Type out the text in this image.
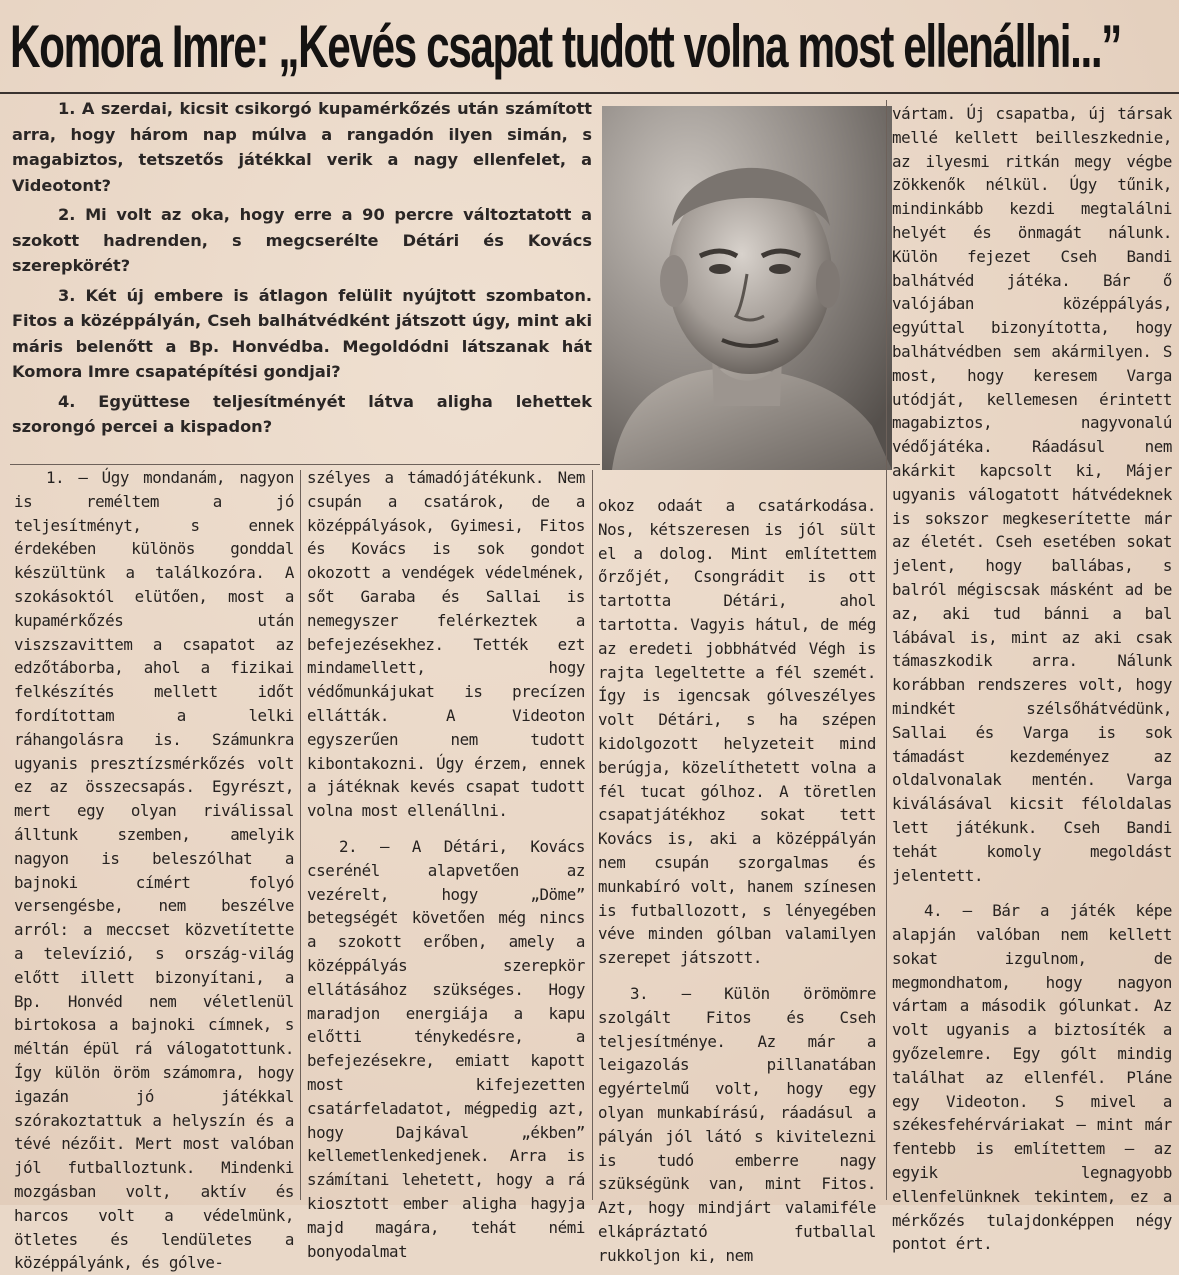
Komora Imre: „Kevés csapat tudott volna most ellenállni...”

1. A szerdai, kicsit csikorgó kupamérkőzés után számított arra, hogy három nap múlva a rangadón ilyen simán, s magabiztos, tetszetős játékkal verik a nagy ellenfelet, a Videotont?

2. Mi volt az oka, hogy erre a 90 percre változtatott a szokott hadrenden, s megcserélte Détári és Kovács szerepkörét?

3. Két új embere is átlagon felülit nyújtott szombaton. Fitos a középpályán, Cseh balhátvédként játszott úgy, mint aki máris belenőtt a Bp. Honvédba. Megoldódni látszanak hát Komora Imre csapatépítési gondjai?

4. Együttese teljesítményét látva aligha lehettek szorongó percei a kispadon?

1. — Úgy mondanám, nagyon is reméltem a jó teljesítményt, s ennek érdekében különös gonddal készültünk a találkozóra. A szokásoktól elütően, most a kupamérkőzés után viszszavittem a csapatot az edzőtáborba, ahol a fizikai felkészítés mellett időt fordítottam a lelki ráhangolásra is. Számunkra ugyanis presztízsmérkőzés volt ez az összecsapás. Egyrészt, mert egy olyan riválissal álltunk szemben, amelyik nagyon is beleszólhat a bajnoki címért folyó versengésbe, nem beszélve arról: a meccset közvetítette a televízió, s ország-világ előtt illett bizonyítani, a Bp. Honvéd nem véletlenül birtokosa a bajnoki címnek, s méltán épül rá válogatottunk. Így külön öröm számomra, hogy igazán jó játékkal szórakoztattuk a helyszín és a tévé nézőit. Mert most valóban jól futballoztunk. Mindenki mozgásban volt, aktív és harcos volt a védelmünk, ötletes és lendületes a középpályánk, és gólve-

szélyes a támadójátékunk. Nem csupán a csatárok, de a középpályások, Gyimesi, Fitos és Kovács is sok gondot okozott a vendégek védelmének, sőt Garaba és Sallai is nemegyszer felérkeztek a befejezésekhez. Tették ezt mindamellett, hogy védőmunkájukat is precízen ellátták. A Videoton egyszerűen nem tudott kibontakozni. Úgy érzem, ennek a játéknak kevés csapat tudott volna most ellenállni.

2. — A Détári, Kovács cserénél alapvetően az vezérelt, hogy „Döme” betegségét követően még nincs a szokott erőben, amely a középpályás szerepkör ellátásához szükséges. Hogy maradjon energiája a kapu előtti ténykedésre, a befejezésekre, emiatt kapott most kifejezetten csatárfeladatot, mégpedig azt, hogy Dajkával „ékben” kellemetlenkedjenek. Arra is számítani lehetett, hogy a rá kiosztott ember aligha hagyja majd magára, tehát némi bonyodalmat

okoz odaát a csatárkodása. Nos, kétszeresen is jól sült el a dolog. Mint említettem őrzőjét, Csongrádit is ott tartotta Détári, ahol tartotta. Vagyis hátul, de még az eredeti jobbhátvéd Végh is rajta legeltette a fél szemét. Így is igencsak gólveszélyes volt Détári, s ha szépen kidolgozott helyzeteit mind berúgja, közelíthetett volna a fél tucat gólhoz. A töretlen csapatjátékhoz sokat tett Kovács is, aki a középpályán nem csupán szorgalmas és munkabíró volt, hanem színesen is futballozott, s lényegében véve minden gólban valamilyen szerepet játszott.

3. — Külön örömömre szolgált Fitos és Cseh teljesítménye. Az már a leigazolás pillanatában egyértelmű volt, hogy egy olyan munkabírású, ráadásul a pályán jól látó s kivitelezni is tudó emberre nagy szükségünk van, mint Fitos. Azt, hogy mindjárt valamiféle elkápráztató futballal rukkoljon ki, nem

vártam. Új csapatba, új társak mellé kellett beilleszkednie, az ilyesmi ritkán megy végbe zökkenők nélkül. Úgy tűnik, mindinkább kezdi megtalálni helyét és önmagát nálunk. Külön fejezet Cseh Bandi balhátvéd játéka. Bár ő valójában középpályás, egyúttal bizonyította, hogy balhátvédben sem akármilyen. S most, hogy keresem Varga utódját, kellemesen érintett magabiztos, nagyvonalú védőjátéka. Ráadásul nem akárkit kapcsolt ki, Májer ugyanis válogatott hátvédeknek is sokszor megkeserítette már az életét. Cseh esetében sokat jelent, hogy ballábas, s balról mégiscsak másként ad be az, aki tud bánni a bal lábával is, mint az aki csak támaszkodik arra. Nálunk korábban rendszeres volt, hogy mindkét szélsőhátvédünk, Sallai és Varga is sok támadást kezdeményez az oldalvonalak mentén. Varga kiválásával kicsit féloldalas lett játékunk. Cseh Bandi tehát komoly megoldást jelentett.

4. — Bár a játék képe alapján valóban nem kellett sokat izgulnom, de megmondhatom, hogy nagyon vártam a második gólunkat. Az volt ugyanis a biztosíték a győzelemre. Egy gólt mindig találhat az ellenfél. Pláne egy Videoton. S mivel a székesfehérváriakat — mint már fentebb is említettem — az egyik legnagyobb ellenfelünknek tekintem, ez a mérkőzés tulajdonképpen négy pontot ért.
